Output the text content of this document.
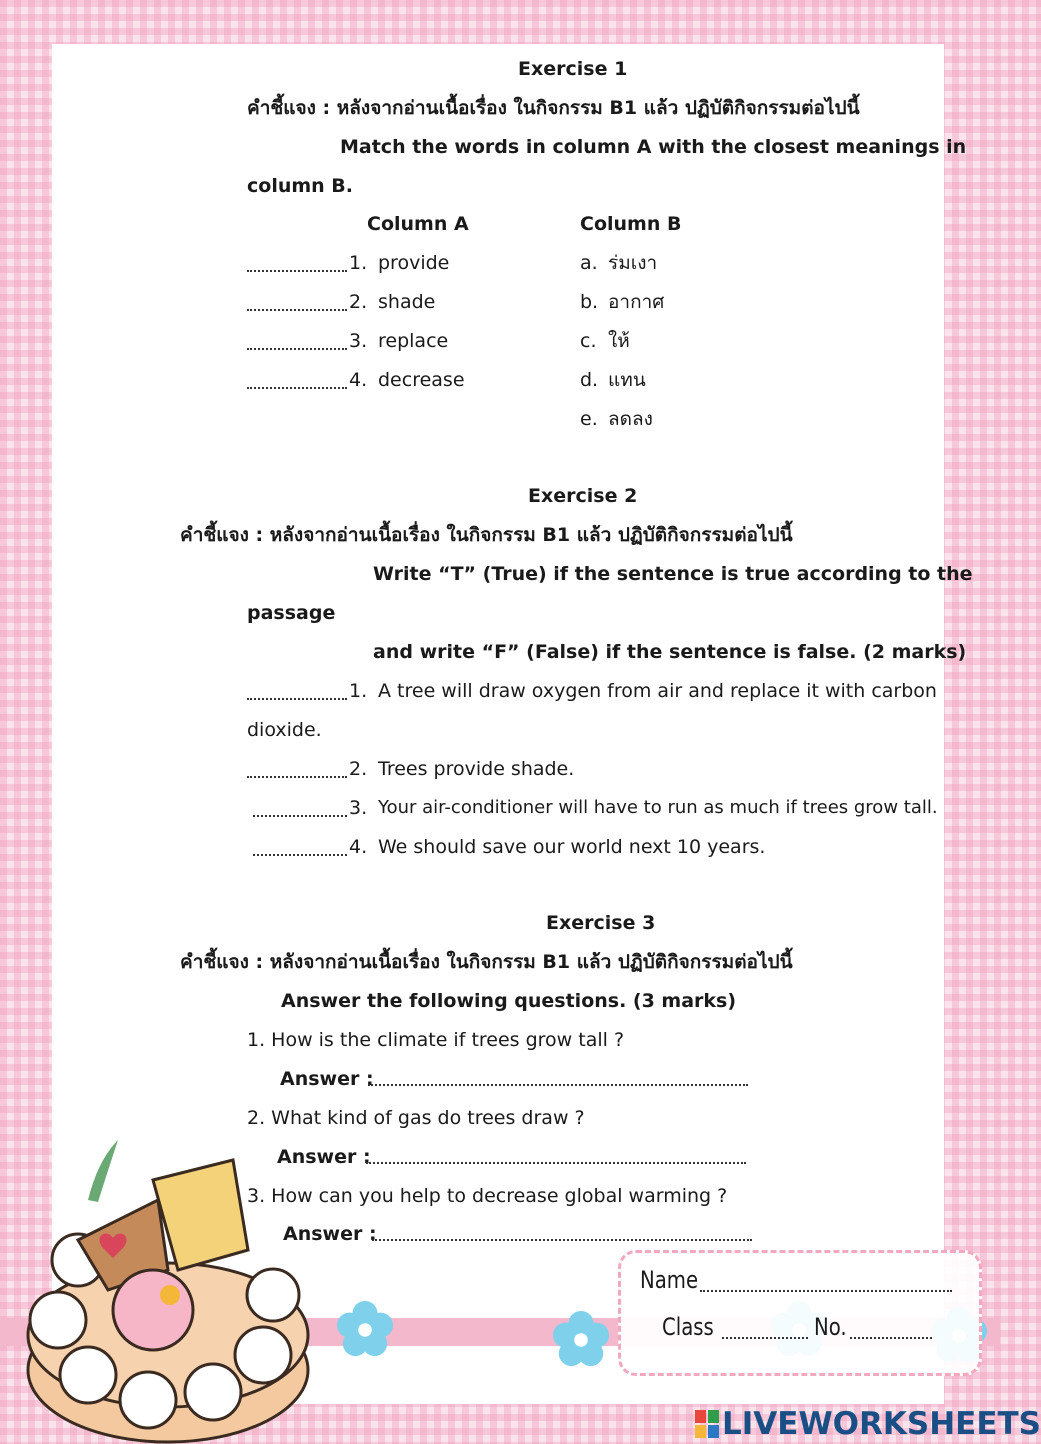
Exercise 1
คำชี้แจง : หลังจากอ่านเนื้อเรื่อง ในกิจกรรม B1 แล้ว ปฏิบัติกิจกรรมต่อไปนี้
Match the words in column A with the closest meanings in
column B.
Column A	Column B
1. provide
2. shade
3. replace
4. decrease
a. ร่มเงา
b. อากาศ
c. ให้
d. แทน
e. ลดลง
Exercise 2
คำชี้แจง : หลังจากอ่านเนื้อเรื่อง ในกิจกรรม B1 แล้ว ปฏิบัติกิจกรรมต่อไปนี้
Write “T” (True) if the sentence is true according to the
passage
and write “F” (False) if the sentence is false. (2 marks)
1. A tree will draw oxygen from air and replace it with carbon
dioxide.
2. Trees provide shade.
3. Your air-conditioner will have to run as much if trees grow tall.
4. We should save our world next 10 years.
Exercise 3
คำชี้แจง : หลังจากอ่านเนื้อเรื่อง ในกิจกรรม B1 แล้ว ปฏิบัติกิจกรรมต่อไปนี้
Answer the following questions. (3 marks)
1. How is the climate if trees grow tall ?
Answer :
2. What kind of gas do trees draw ?
Answer :
3. How can you help to decrease global warming ?
Answer :
Name
Class	No.
LIVEWORKSHEETS
